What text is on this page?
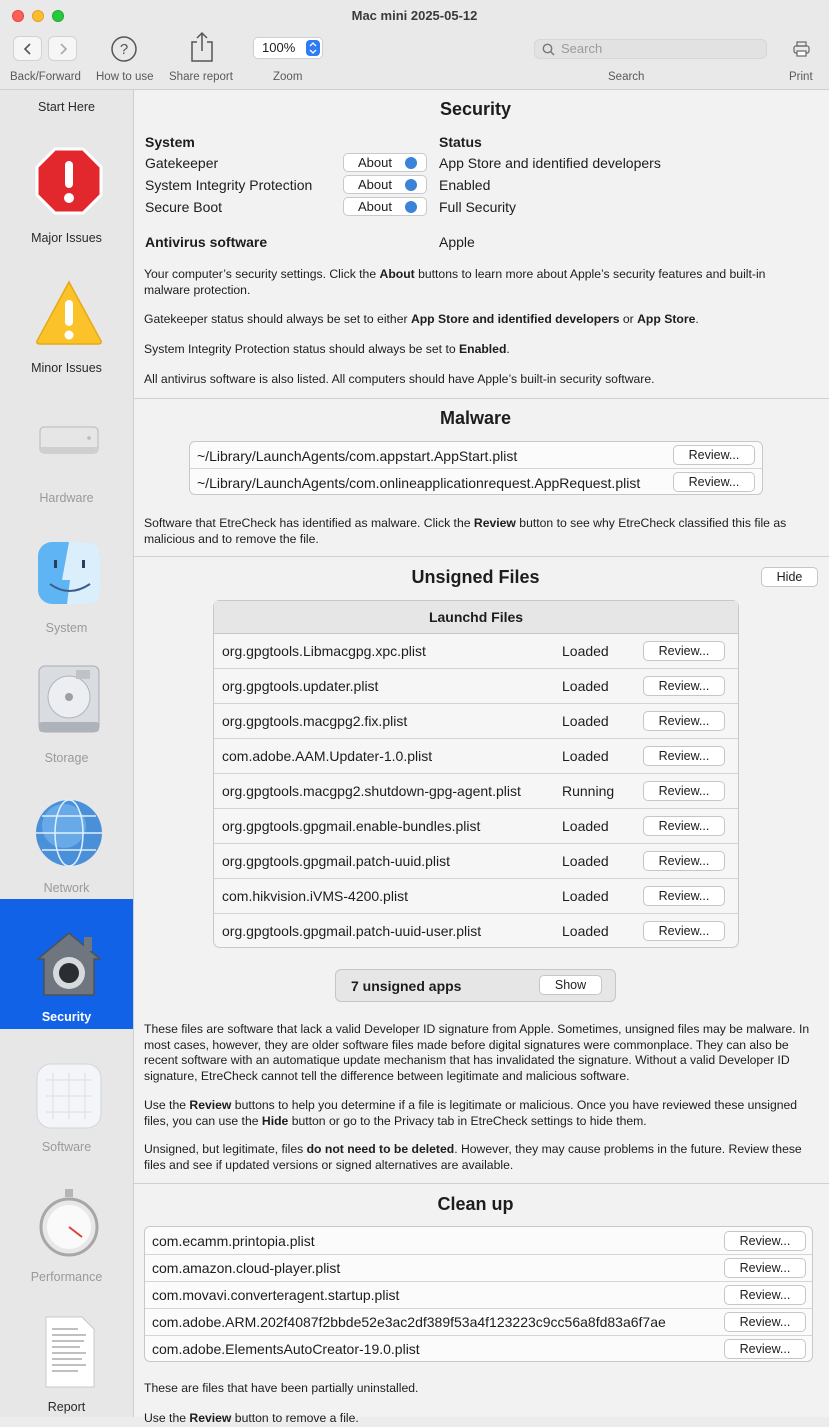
Mac mini 2025-05-12
Back/Forward
?
How to use Share report
100%
Zoom
Search
Search	Print
Start Here
Major Issues
Minor Issues
Hardware
System
Storage
Network
Security
Software
Performance
Report
Security
System	Status
Gatekeeper	About	App Store and identified developers
System Integrity Protection	About	Enabled
Secure Boot	About	Full Security
Antivirus software	Apple
Your computer’s security settings. Click the About buttons to learn more about Apple’s security features and built-in malware protection.
Gatekeeper status should always be set to either App Store and identified developers or App Store.
System Integrity Protection status should always be set to Enabled.
All antivirus software is also listed. All computers should have Apple’s built-in security software.
Malware
~/Library/LaunchAgents/com.appstart.AppStart.plist	Review...
~/Library/LaunchAgents/com.onlineapplicationrequest.AppRequest.plist	Review...
Software that EtreCheck has identified as malware. Click the Review button to see why EtreCheck classified this file as malicious and to remove the file.
Unsigned Files	Hide
Launchd Files
org.gpgtools.Libmacgpg.xpc.plist	Loaded	Review...
org.gpgtools.updater.plist	Loaded	Review...
org.gpgtools.macgpg2.fix.plist	Loaded	Review...
com.adobe.AAM.Updater-1.0.plist	Loaded	Review...
org.gpgtools.macgpg2.shutdown-gpg-agent.plist	Running	Review...
org.gpgtools.gpgmail.enable-bundles.plist	Loaded	Review...
org.gpgtools.gpgmail.patch-uuid.plist	Loaded	Review...
com.hikvision.iVMS-4200.plist	Loaded	Review...
org.gpgtools.gpgmail.patch-uuid-user.plist	Loaded	Review...
7 unsigned apps	Show
These files are software that lack a valid Developer ID signature from Apple. Sometimes, unsigned files may be malware. In most cases, however, they are older software files made before digital signatures were commonplace. They can also be recent software with an automatique update mechanism that has invalidated the signature. Without a valid Developer ID signature, EtreCheck cannot tell the difference between legitimate and malicious software.
Use the Review buttons to help you determine if a file is legitimate or malicious. Once you have reviewed these unsigned files, you can use the Hide button or go to the Privacy tab in EtreCheck settings to hide them.
Unsigned, but legitimate, files do not need to be deleted. However, they may cause problems in the future. Review these files and see if updated versions or signed alternatives are available.
Clean up
com.ecamm.printopia.plist	Review...
com.amazon.cloud-player.plist	Review...
com.movavi.converteragent.startup.plist	Review...
com.adobe.ARM.202f4087f2bbde52e3ac2df389f53a4f123223c9cc56a8fd83a6f7ae	Review...
com.adobe.ElementsAutoCreator-19.0.plist	Review...
These are files that have been partially uninstalled.
Use the Review button to remove a file.
